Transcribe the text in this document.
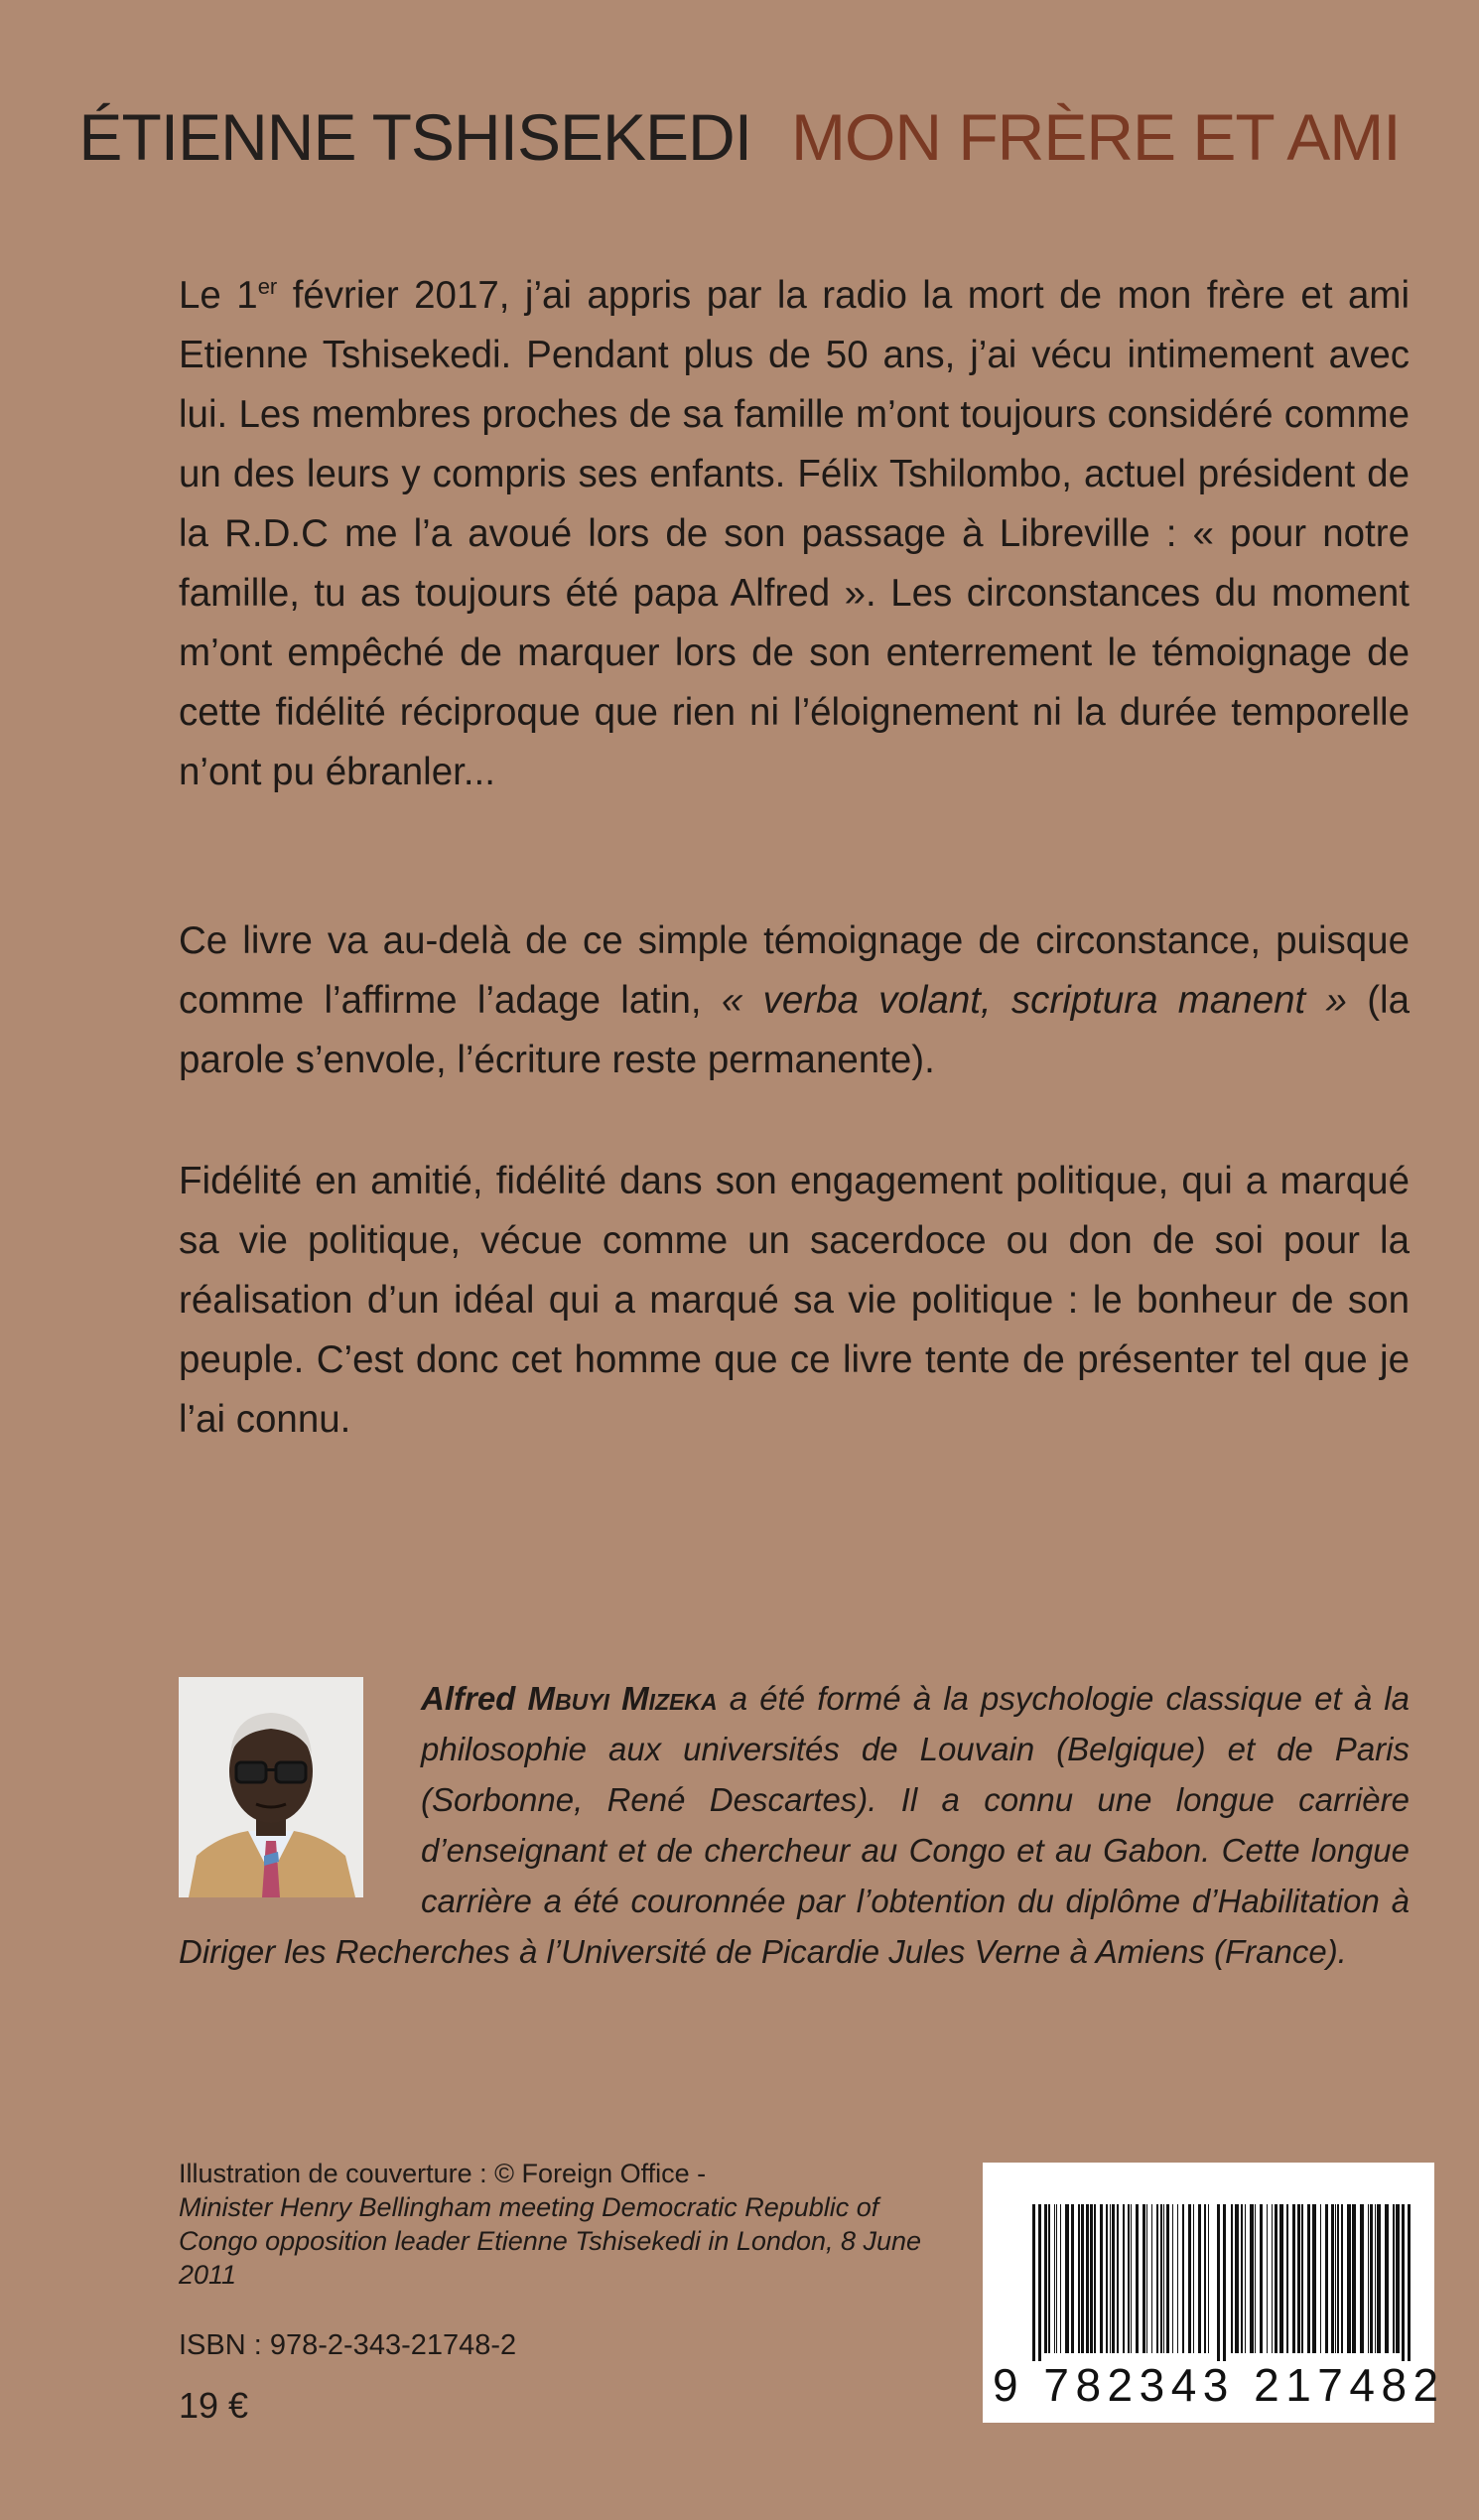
ÉTIENNE TSHISEKEDI MON FRÈRE ET AMI

Le 1er février 2017, j’ai appris par la radio la mort de mon frère et ami Etienne Tshisekedi. Pendant plus de 50 ans, j’ai vécu intimement avec lui. Les membres proches de sa famille m’ont toujours considéré comme un des leurs y compris ses enfants. Félix Tshilombo, actuel président de la R.D.C me l’a avoué lors de son passage à Libreville : « pour notre famille, tu as toujours été papa Alfred ». Les circonstances du moment m’ont empêché de marquer lors de son enterrement le témoignage de cette fidélité réciproque que rien ni l’éloignement ni la durée temporelle n’ont pu ébranler...

Ce livre va au-delà de ce simple témoignage de circonstance, puisque comme l’affirme l’adage latin, « verba volant, scriptura manent » (la parole s’envole, l’écriture reste permanente).

Fidélité en amitié, fidélité dans son engagement politique, qui a marqué sa vie politique, vécue comme un sacerdoce ou don de soi pour la réalisation d’un idéal qui a marqué sa vie politique : le bonheur de son peuple. C’est donc cet homme que ce livre tente de présenter tel que je l’ai connu.

Alfred Mbuyi Mizeka a été formé à la psychologie classique et à la philosophie aux universités de Louvain (Belgique) et de Paris (Sorbonne, René Descartes). Il a connu une longue carrière d’enseignant et de chercheur au Congo et au Gabon. Cette longue carrière a été couronnée par l’obtention du diplôme d’Habilitation à Diriger les Recherches à l’Université de Picardie Jules Verne à Amiens (France).
Illustration de couverture : © Foreign Office -
Minister Henry Bellingham meeting Democratic Republic of Congo opposition leader Etienne Tshisekedi in London, 8 June 2011
ISBN : 978-2-343-21748-2
19 €	9 782343 217482
